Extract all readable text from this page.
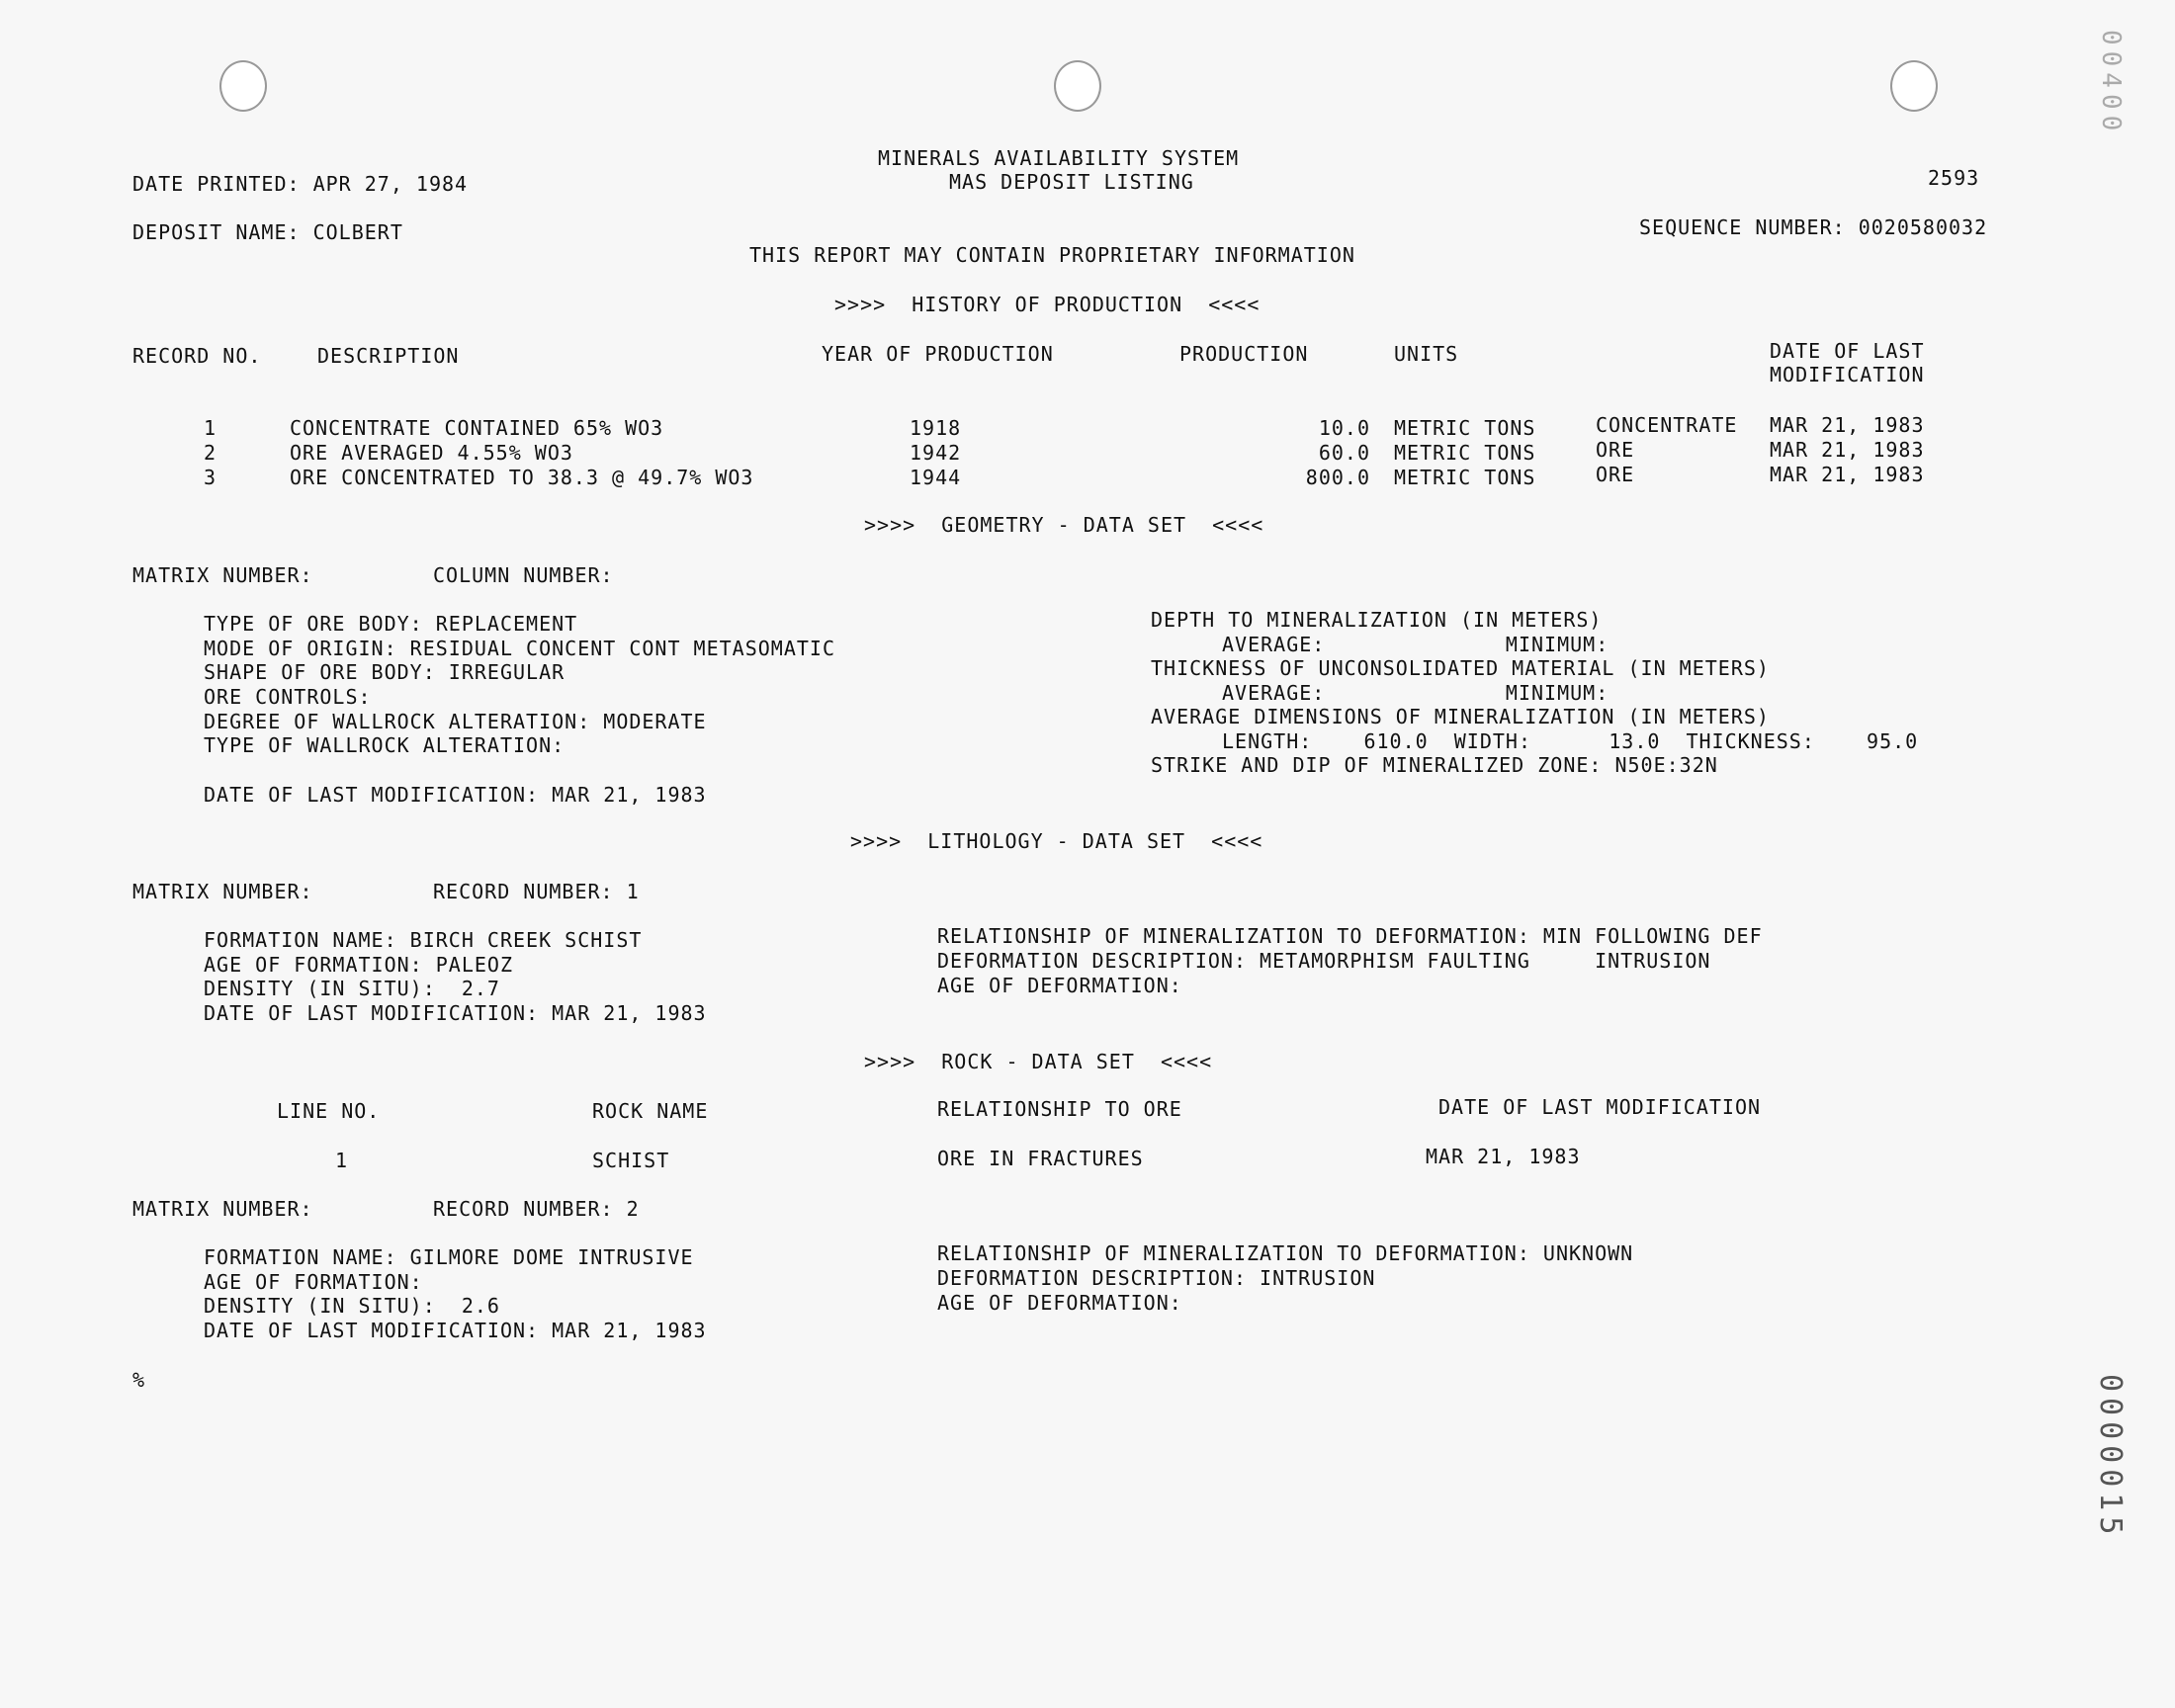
MINERALS AVAILABILITY SYSTEM
MAS DEPOSIT LISTING
DATE PRINTED: APR 27, 1984	2593
DEPOSIT NAME: COLBERT	SEQUENCE NUMBER: 0020580032
THIS REPORT MAY CONTAIN PROPRIETARY INFORMATION
>>>>  HISTORY OF PRODUCTION  <<<<
RECORD NO.	DESCRIPTION	YEAR OF PRODUCTION	PRODUCTION	UNITS	DATE OF LAST
MODIFICATION
1	CONCENTRATE CONTAINED 65% WO3	1918	10.0 METRIC TONS	CONCENTRATE MAR 21, 1983
2	ORE AVERAGED 4.55% WO3	1942	60.0 METRIC TONS	ORE	MAR 21, 1983
3	ORE CONCENTRATED TO 38.3 @ 49.7% WO3	1944	800.0 METRIC TONS	ORE	MAR 21, 1983
>>>>  GEOMETRY - DATA SET  <<<<
MATRIX NUMBER:	COLUMN NUMBER:
TYPE OF ORE BODY: REPLACEMENT
MODE OF ORIGIN: RESIDUAL CONCENT CONT METASOMATIC
SHAPE OF ORE BODY: IRREGULAR
ORE CONTROLS:
DEGREE OF WALLROCK ALTERATION: MODERATE
TYPE OF WALLROCK ALTERATION:
DATE OF LAST MODIFICATION: MAR 21, 1983
DEPTH TO MINERALIZATION (IN METERS)
AVERAGE:              MINIMUM:
THICKNESS OF UNCONSOLIDATED MATERIAL (IN METERS)
AVERAGE:              MINIMUM:
AVERAGE DIMENSIONS OF MINERALIZATION (IN METERS)
LENGTH:    610.0  WIDTH:      13.0  THICKNESS:    95.0
STRIKE AND DIP OF MINERALIZED ZONE: N50E:32N
>>>>  LITHOLOGY - DATA SET  <<<<
MATRIX NUMBER:	RECORD NUMBER: 1
FORMATION NAME: BIRCH CREEK SCHIST
AGE OF FORMATION: PALEOZ
DENSITY (IN SITU):  2.7
DATE OF LAST MODIFICATION: MAR 21, 1983
RELATIONSHIP OF MINERALIZATION TO DEFORMATION: MIN FOLLOWING DEF
DEFORMATION DESCRIPTION: METAMORPHISM FAULTING     INTRUSION
AGE OF DEFORMATION:
>>>>  ROCK - DATA SET  <<<<
LINE NO.	ROCK NAME	RELATIONSHIP TO ORE	DATE OF LAST MODIFICATION
1	SCHIST	ORE IN FRACTURES	MAR 21, 1983
MATRIX NUMBER:	RECORD NUMBER: 2
FORMATION NAME: GILMORE DOME INTRUSIVE
AGE OF FORMATION:
DENSITY (IN SITU):  2.6
DATE OF LAST MODIFICATION: MAR 21, 1983
RELATIONSHIP OF MINERALIZATION TO DEFORMATION: UNKNOWN
DEFORMATION DESCRIPTION: INTRUSION
AGE OF DEFORMATION:
%	0000015
00400
